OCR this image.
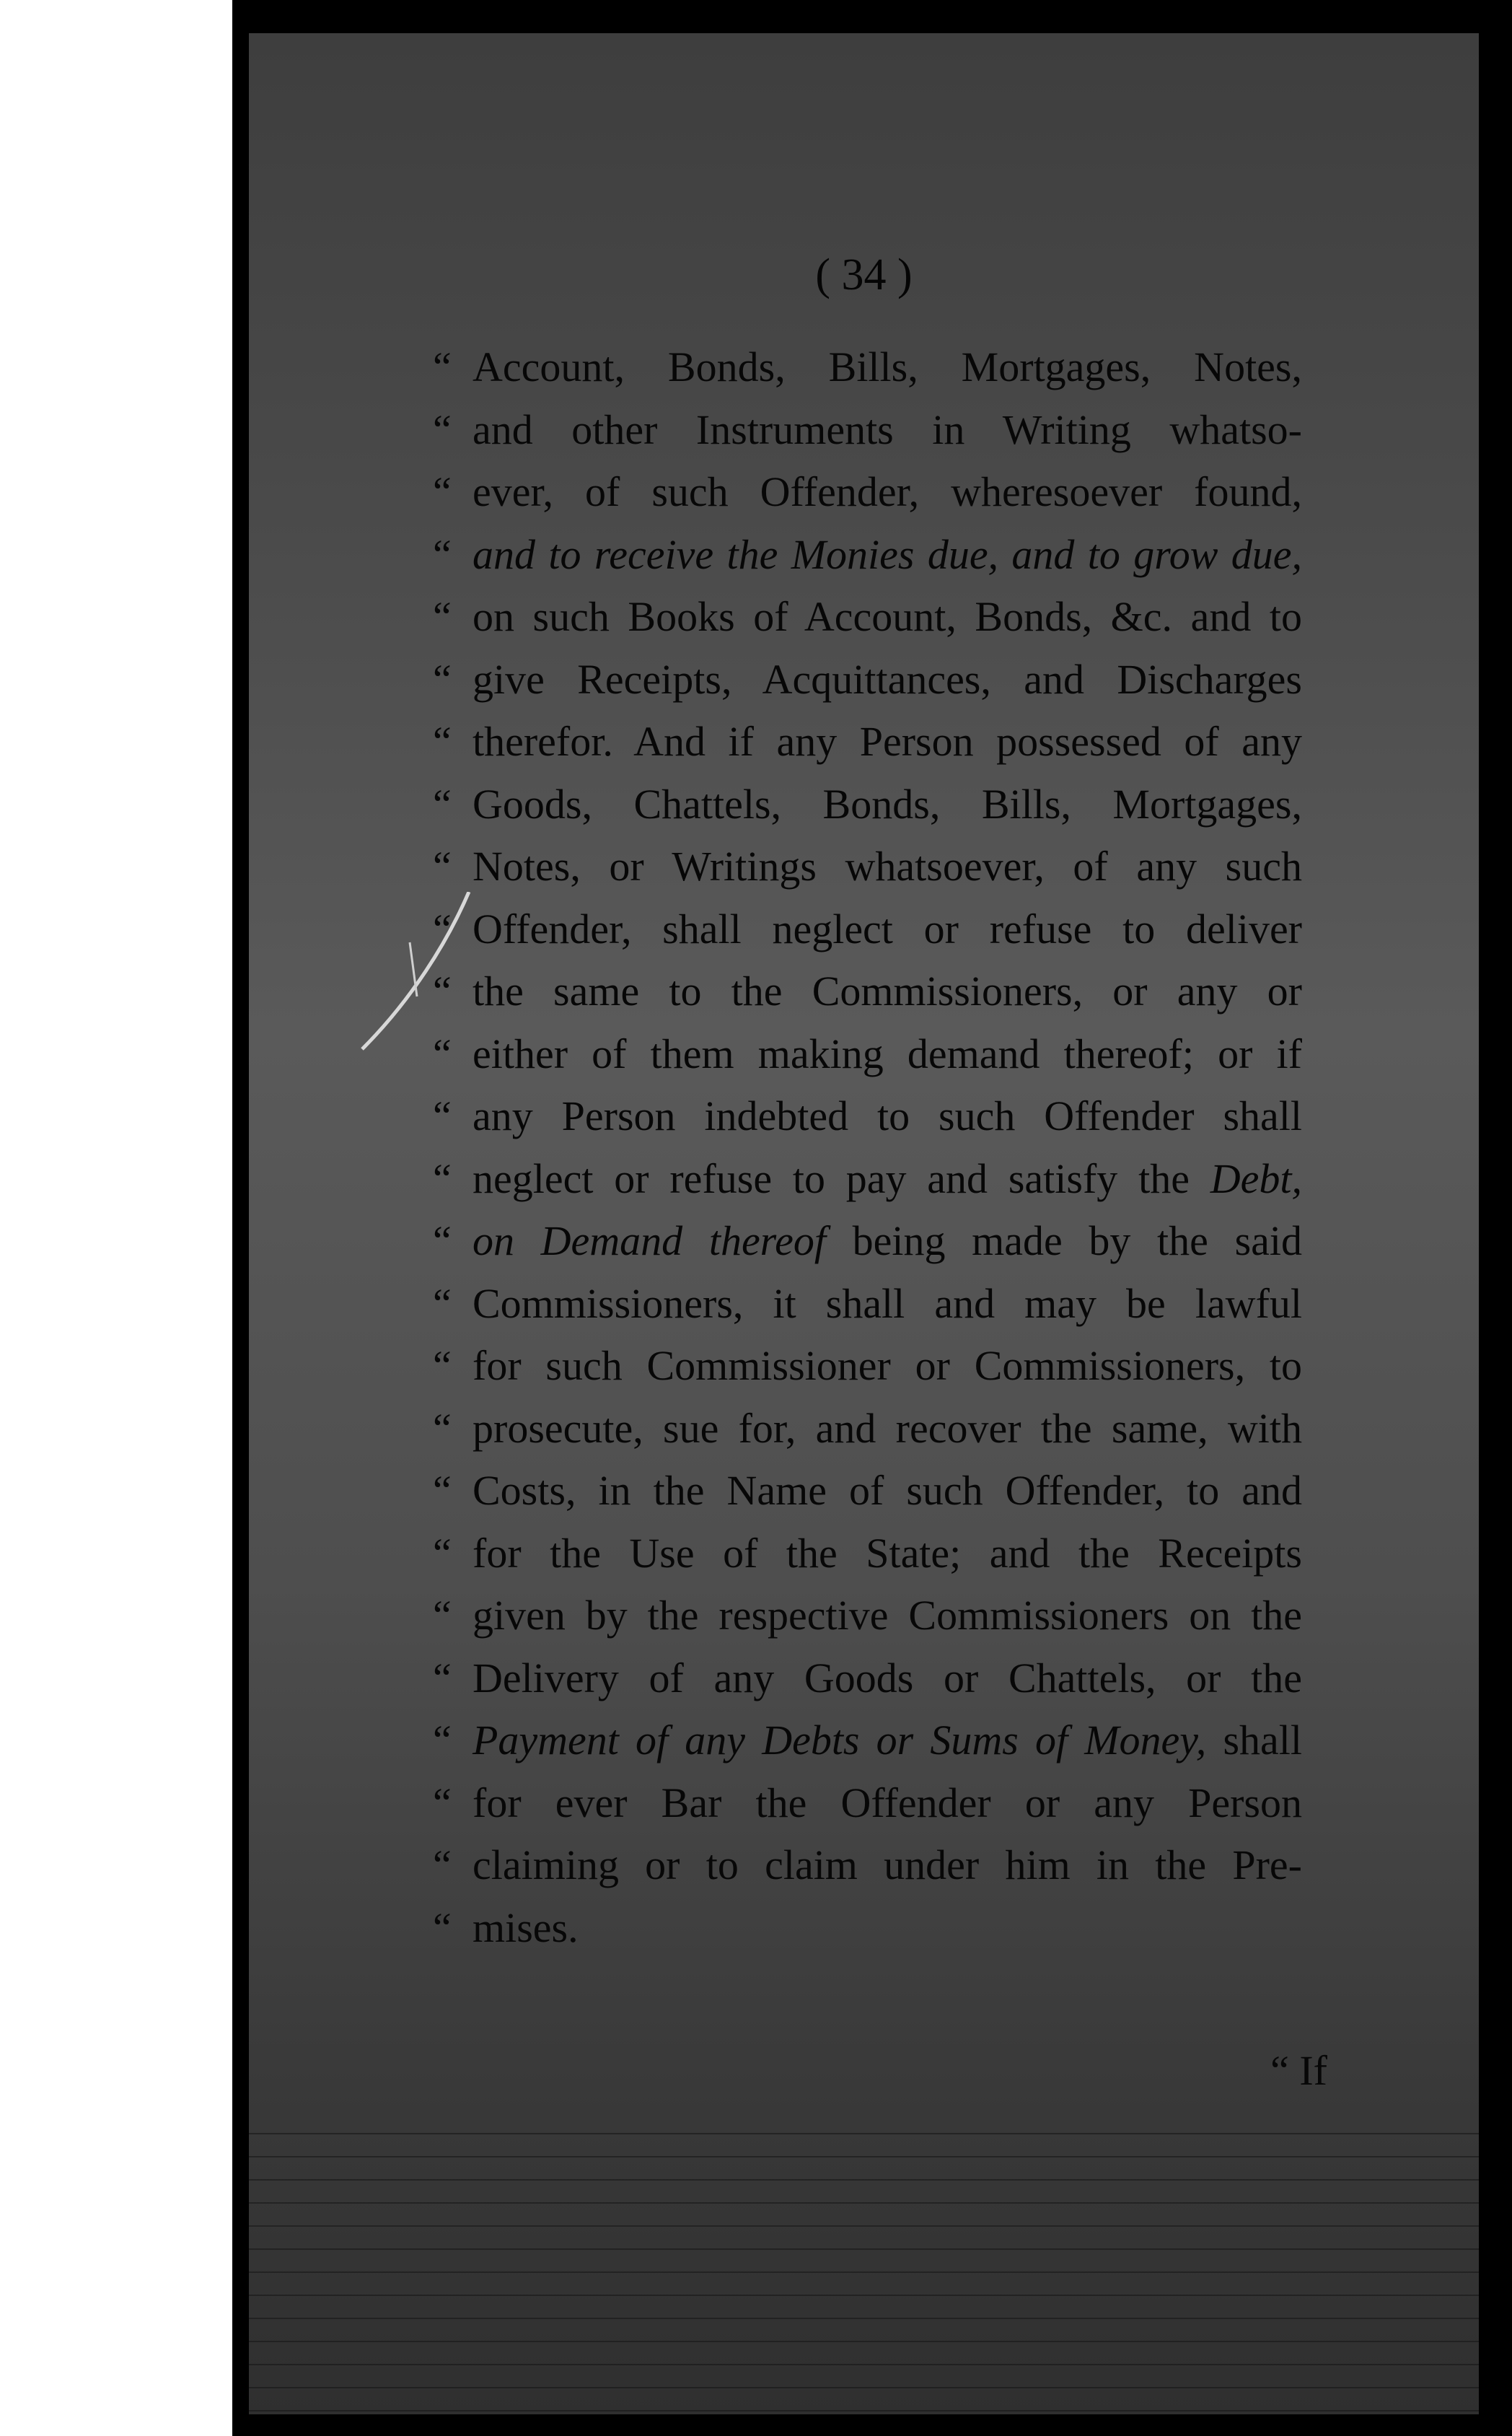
( 34 )
“ Account, Bonds, Bills, Mortgages, Notes,
“ and other Instruments in Writing whatso-
“ ever, of such Offender, wheresoever found,
“ and to receive the Monies due, and to grow due,
“ on such Books of Account, Bonds, &c. and to
“ give Receipts, Acquittances, and Discharges
“ therefor. And if any Person possessed of any
“ Goods, Chattels, Bonds, Bills, Mortgages,
“ Notes, or Writings whatsoever, of any such
“ Offender, shall neglect or refuse to deliver
“ the same to the Commissioners, or any or
“ either of them making demand thereof; or if
“ any Person indebted to such Offender shall
“ neglect or refuse to pay and satisfy the Debt,
“ on Demand thereof being made by the said
“ Commissioners, it shall and may be lawful
“ for such Commissioner or Commissioners, to
“ prosecute, sue for, and recover the same, with
“ Costs, in the Name of such Offender, to and
“ for the Use of the State; and the Receipts
“ given by the respective Commissioners on the
“ Delivery of any Goods or Chattels, or the
“ Payment of any Debts or Sums of Money, shall
“ for ever Bar the Offender or any Person
“ claiming or to claim under him in the Pre-
“ mises.
“ If
